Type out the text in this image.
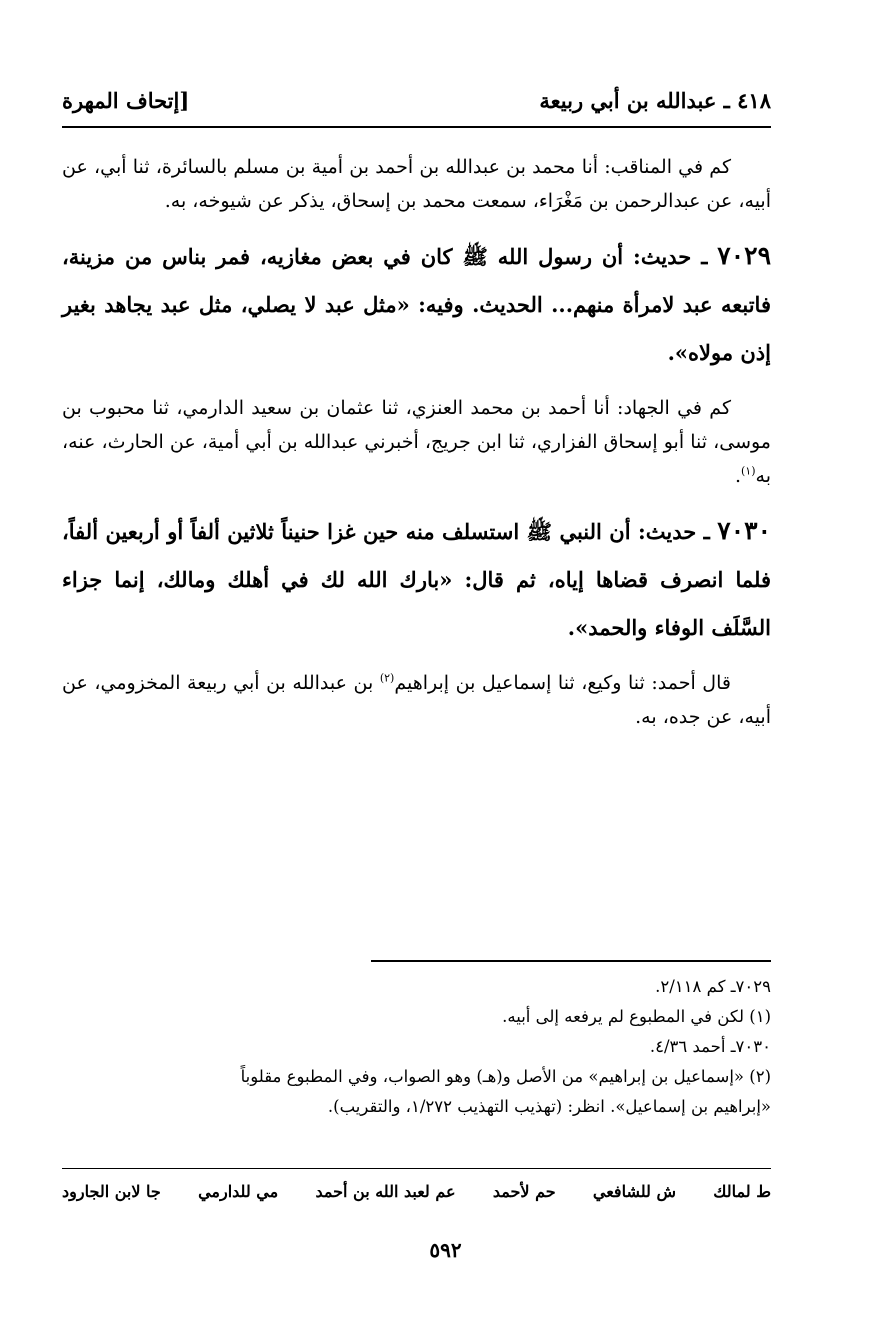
٤١٨ ـ عبدالله بن أبي ربيعة
[إتحاف المهرة

كم في المناقب: أنا محمد بن عبدالله بن أحمد بن أمية بن مسلم بالسائرة، ثنا أبي، عن أبيه، عن عبدالرحمن بن مَغْرَاء، سمعت محمد بن إسحاق، يذكر عن شيوخه، به.

٧٠٢٩ ـ حديث: أن رسول الله ﷺ كان في بعض مغازيه، فمر بناس من مزينة، فاتبعه عبد لامرأة منهم... الحديث. وفيه: «مثل عبد لا يصلي، مثل عبد يجاهد بغير إذن مولاه».

كم في الجهاد: أنا أحمد بن محمد العنزي، ثنا عثمان بن سعيد الدارمي، ثنا محبوب بن موسى، ثنا أبو إسحاق الفزاري، ثنا ابن جريج، أخبرني عبدالله بن أبي أمية، عن الحارث، عنه، به$^{(١)}$.

٧٠٣٠ ـ حديث: أن النبي ﷺ استسلف منه حين غزا حنيناً ثلاثين ألفاً أو أربعين ألفاً، فلما انصرف قضاها إياه، ثم قال: «بارك الله لك في أهلك ومالك، إنما جزاء السَّلَف الوفاء والحمد».

قال أحمد: ثنا وكيع، ثنا إسماعيل بن إبراهيم$^{(٢)}$ بن عبدالله بن أبي ربيعة المخزومي، عن أبيه، عن جده، به.

٧٠٢٩ـ كم ٢/١١٨.

(١) لكن في المطبوع لم يرفعه إلى أبيه.

٧٠٣٠ـ أحمد ٤/٣٦.

(٢) «إسماعيل بن إبراهيم» من الأصل و(هـ) وهو الصواب، وفي المطبوع مقلوباً

«إبراهيم بن إسماعيل». انظر: (تهذيب التهذيب ١/٢٧٢، والتقريب).

ط لمالك
ش للشافعي
حم لأحمد
عم لعبد الله بن أحمد
مي للدارمي
جا لابن الجارود
٥٩٢
